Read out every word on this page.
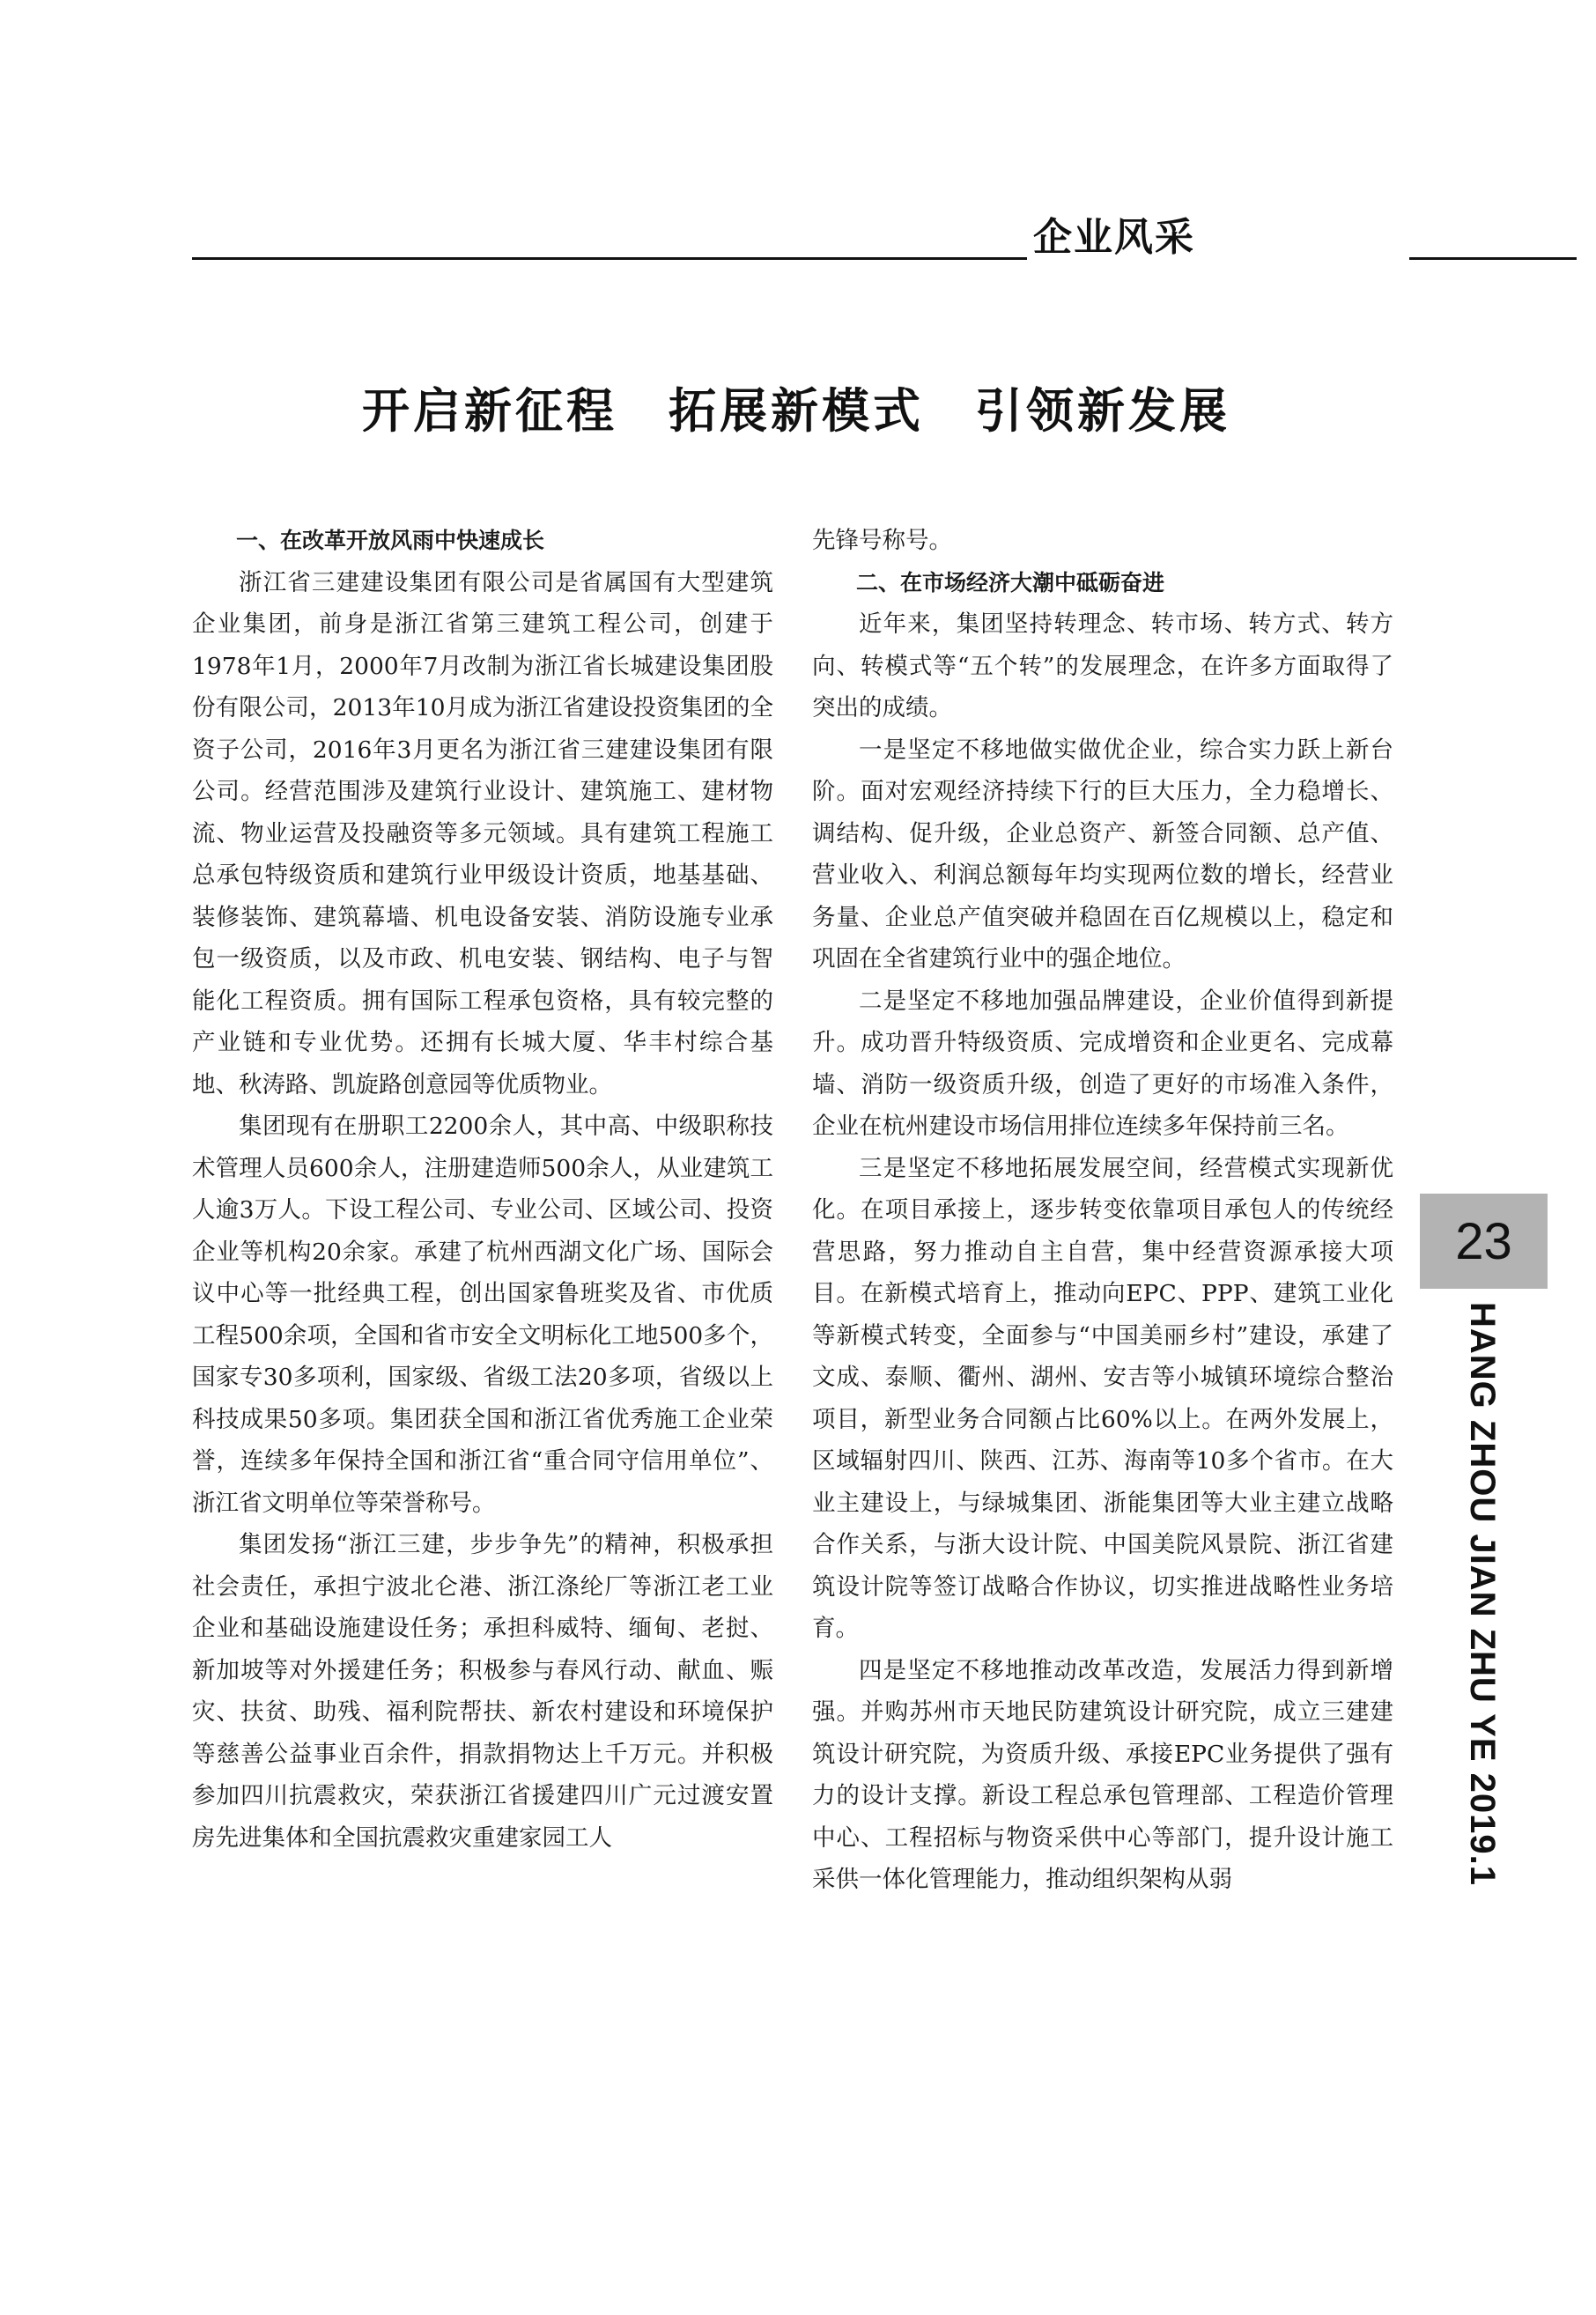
企业风采
开启新征程　拓展新模式　引领新发展
一、在改革开放风雨中快速成长

浙江省三建建设集团有限公司是省属国有大型建筑企业集团，前身是浙江省第三建筑工程公司，创建于1978年1月，2000年7月改制为浙江省长城建设集团股份有限公司，2013年10月成为浙江省建设投资集团的全资子公司，2016年3月更名为浙江省三建建设集团有限公司。经营范围涉及建筑行业设计、建筑施工、建材物流、物业运营及投融资等多元领域。具有建筑工程施工总承包特级资质和建筑行业甲级设计资质，地基基础、装修装饰、建筑幕墙、机电设备安装、消防设施专业承包一级资质，以及市政、机电安装、钢结构、电子与智能化工程资质。拥有国际工程承包资格，具有较完整的产业链和专业优势。还拥有长城大厦、华丰村综合基地、秋涛路、凯旋路创意园等优质物业。

集团现有在册职工2200余人，其中高、中级职称技术管理人员600余人，注册建造师500余人，从业建筑工人逾3万人。下设工程公司、专业公司、区域公司、投资企业等机构20余家。承建了杭州西湖文化广场、国际会议中心等一批经典工程，创出国家鲁班奖及省、市优质工程500余项，全国和省市安全文明标化工地500多个，国家专30多项利，国家级、省级工法20多项，省级以上科技成果50多项。集团获全国和浙江省优秀施工企业荣誉，连续多年保持全国和浙江省“重合同守信用单位”、浙江省文明单位等荣誉称号。

集团发扬“浙江三建，步步争先”的精神，积极承担社会责任，承担宁波北仑港、浙江涤纶厂等浙江老工业企业和基础设施建设任务；承担科威特、缅甸、老挝、新加坡等对外援建任务；积极参与春风行动、献血、赈灾、扶贫、助残、福利院帮扶、新农村建设和环境保护等慈善公益事业百余件，捐款捐物达上千万元。并积极参加四川抗震救灾，荣获浙江省援建四川广元过渡安置房先进集体和全国抗震救灾重建家园工人

先锋号称号。

二、在市场经济大潮中砥砺奋进

近年来，集团坚持转理念、转市场、转方式、转方向、转模式等“五个转”的发展理念，在许多方面取得了突出的成绩。

一是坚定不移地做实做优企业，综合实力跃上新台阶。面对宏观经济持续下行的巨大压力，全力稳增长、调结构、促升级，企业总资产、新签合同额、总产值、营业收入、利润总额每年均实现两位数的增长，经营业务量、企业总产值突破并稳固在百亿规模以上，稳定和巩固在全省建筑行业中的强企地位。

二是坚定不移地加强品牌建设，企业价值得到新提升。成功晋升特级资质、完成增资和企业更名、完成幕墙、消防一级资质升级，创造了更好的市场准入条件，企业在杭州建设市场信用排位连续多年保持前三名。

三是坚定不移地拓展发展空间，经营模式实现新优化。在项目承接上，逐步转变依靠项目承包人的传统经营思路，努力推动自主自营，集中经营资源承接大项目。在新模式培育上，推动向EPC、PPP、建筑工业化等新模式转变，全面参与“中国美丽乡村”建设，承建了文成、泰顺、衢州、湖州、安吉等小城镇环境综合整治项目，新型业务合同额占比60%以上。在两外发展上，区域辐射四川、陕西、江苏、海南等10多个省市。在大业主建设上，与绿城集团、浙能集团等大业主建立战略合作关系，与浙大设计院、中国美院风景院、浙江省建筑设计院等签订战略合作协议，切实推进战略性业务培育。

四是坚定不移地推动改革改造，发展活力得到新增强。并购苏州市天地民防建筑设计研究院，成立三建建筑设计研究院，为资质升级、承接EPC业务提供了强有力的设计支撑。新设工程总承包管理部、工程造价管理中心、工程招标与物资采供中心等部门，提升设计施工采供一体化管理能力，推动组织架构从弱

23
HANG ZHOU JIAN ZHU YE 2019.1
